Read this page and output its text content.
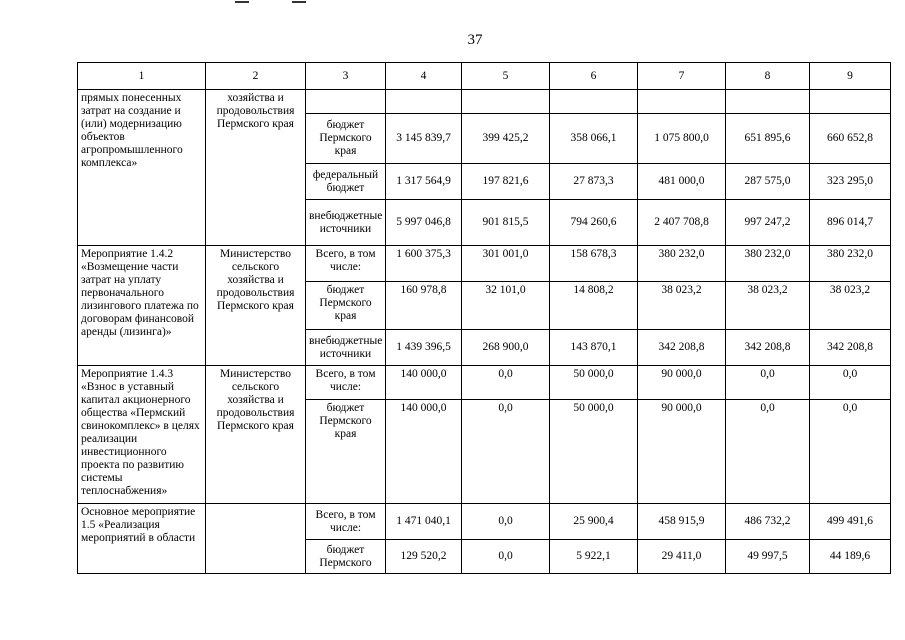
37
1	2	3	4	5	6	7	8	9
прямых понесенных затрат на создание и (или) модернизацию объектов агропромышленного комплекса»	хозяйства и продовольствия Пермского края							
		бюджет Пермского края	3 145 839,7	399 425,2	358 066,1	1 075 800,0	651 895,6	660 652,8
		федеральный бюджет	1 317 564,9	197 821,6	27 873,3	481 000,0	287 575,0	323 295,0
		внебюджетные источники	5 997 046,8	901 815,5	794 260,6	2 407 708,8	997 247,2	896 014,7
Мероприятие 1.4.2 «Возмещение части затрат на уплату первоначального лизингового платежа по договорам финансовой аренды (лизинга)»	Министерство сельского хозяйства и продовольствия Пермского края	Всего, в том числе:	1 600 375,3	301 001,0	158 678,3	380 232,0	380 232,0	380 232,0
		бюджет Пермского края	160 978,8	32 101,0	14 808,2	38 023,2	38 023,2	38 023,2
		внебюджетные источники	1 439 396,5	268 900,0	143 870,1	342 208,8	342 208,8	342 208,8
Мероприятие 1.4.3 «Взнос в уставный капитал акционерного общества «Пермский свинокомплекс» в целях реализации инвестиционного проекта по развитию системы теплоснабжения»	Министерство сельского хозяйства и продовольствия Пермского края	Всего, в том числе:	140 000,0	0,0	50 000,0	90 000,0	0,0	0,0
		бюджет Пермского края	140 000,0	0,0	50 000,0	90 000,0	0,0	0,0
Основное мероприятие 1.5 «Реализация мероприятий в области		Всего, в том числе:	1 471 040,1	0,0	25 900,4	458 915,9	486 732,2	499 491,6
		бюджет Пермского	129 520,2	0,0	5 922,1	29 411,0	49 997,5	44 189,6
